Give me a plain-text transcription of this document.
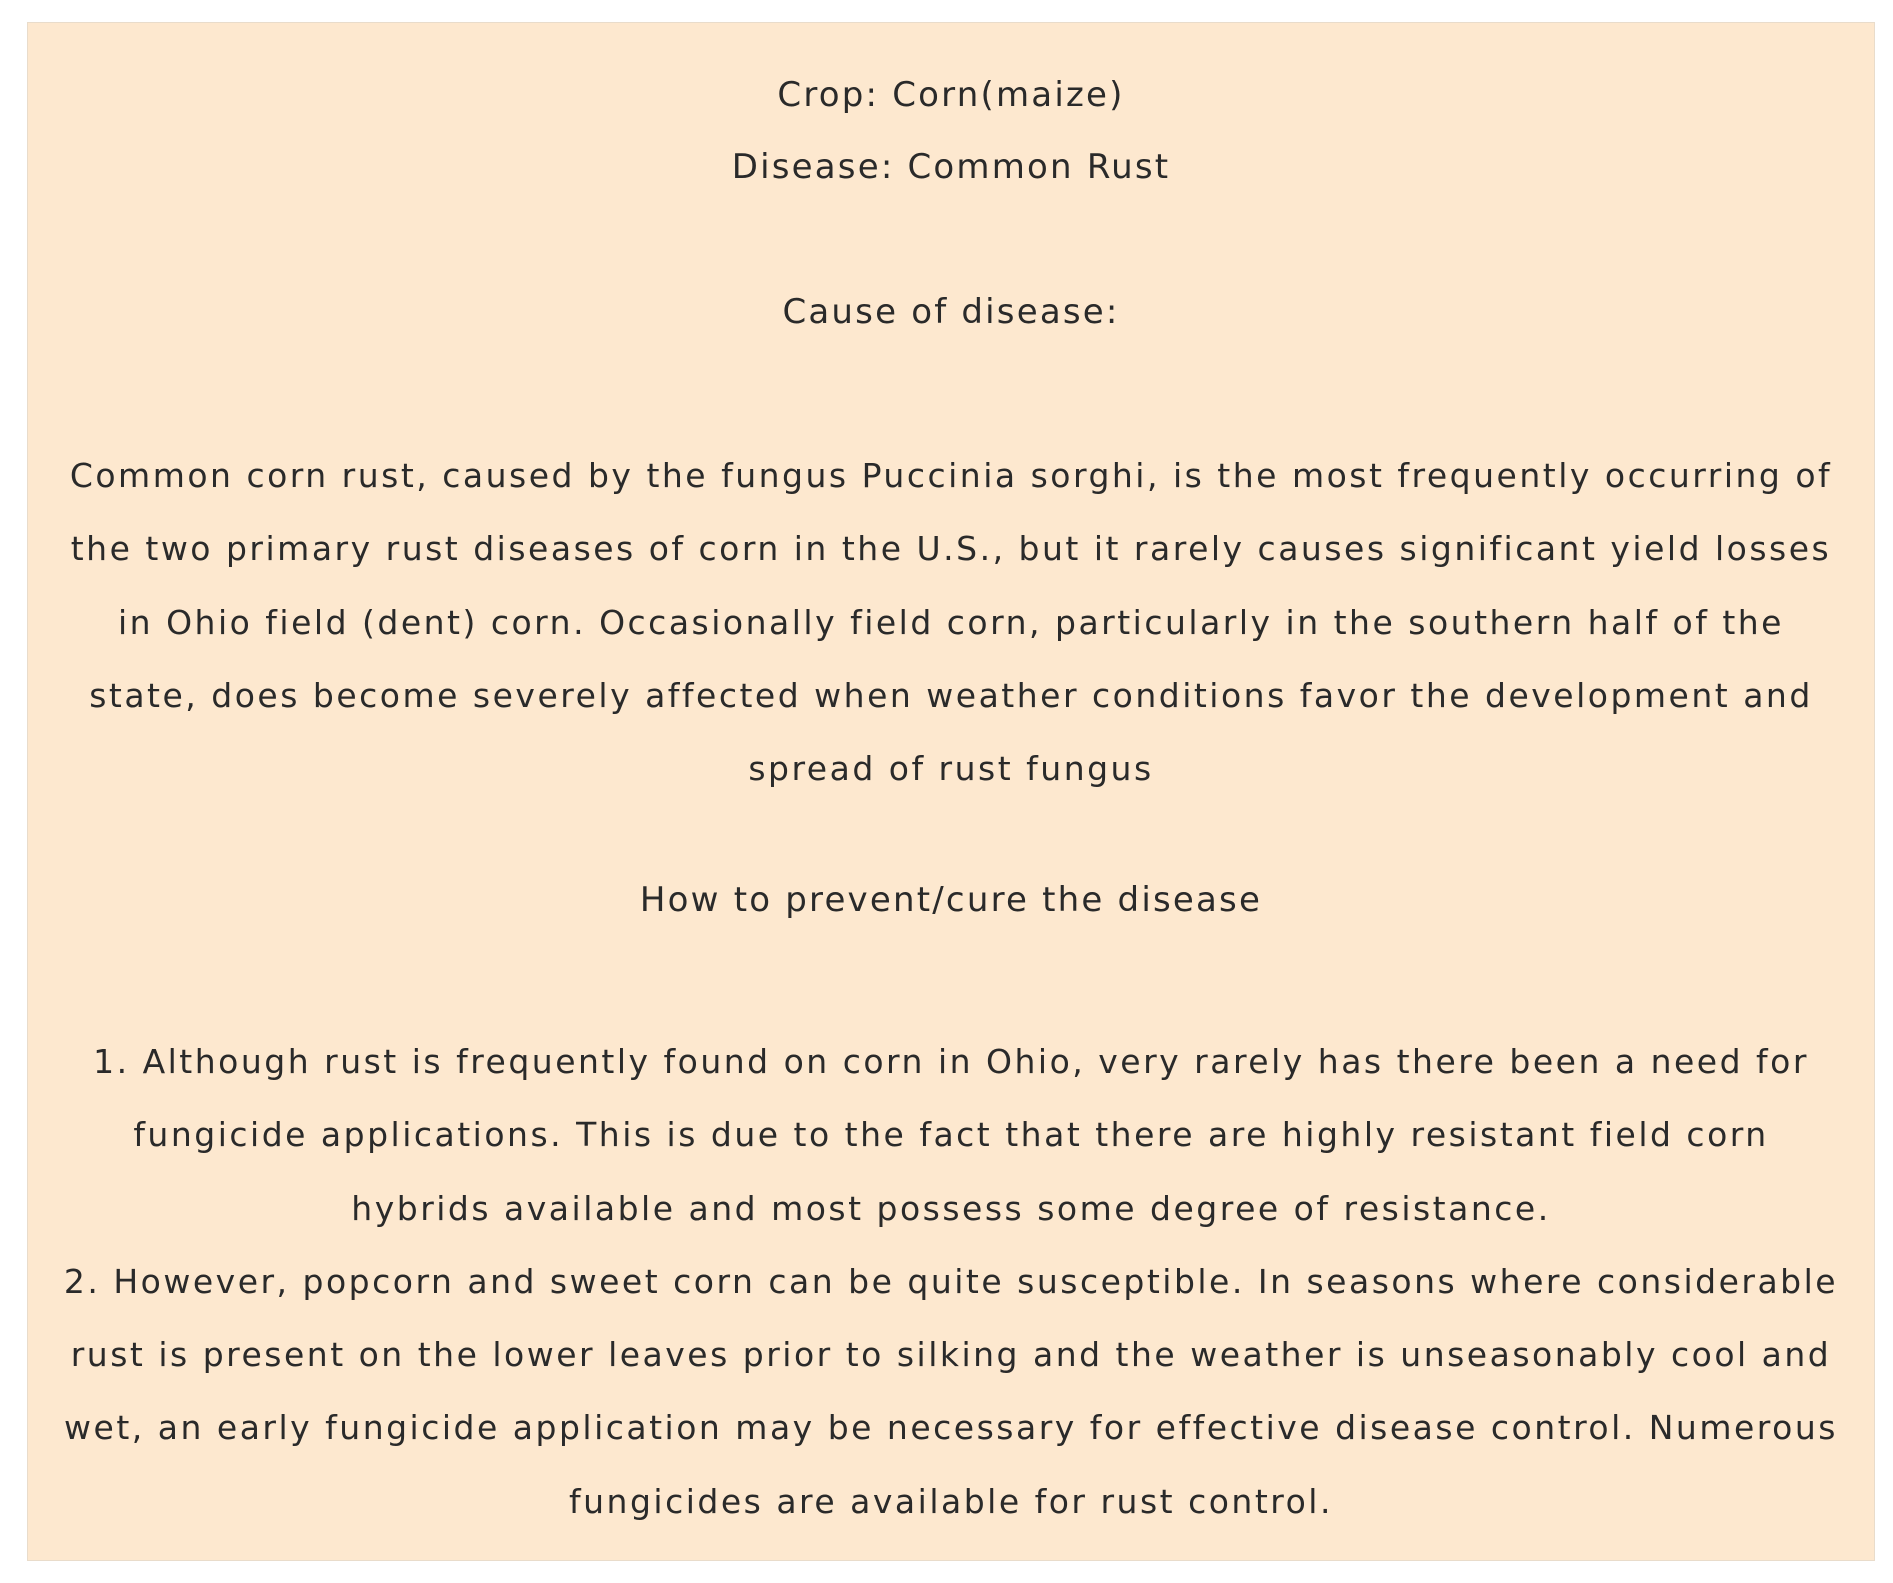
Crop: Corn(maize)

Disease: Common Rust

Cause of disease:

Common corn rust, caused by the fungus Puccinia sorghi, is the most frequently occurring of the two primary rust diseases of corn in the U.S., but it rarely causes significant yield losses in Ohio field (dent) corn. Occasionally field corn, particularly in the southern half of the state, does become severely affected when weather conditions favor the development and spread of rust fungus

How to prevent/cure the disease

1. Although rust is frequently found on corn in Ohio, very rarely has there been a need for fungicide applications. This is due to the fact that there are highly resistant field corn hybrids available and most possess some degree of resistance.
2. However, popcorn and sweet corn can be quite susceptible. In seasons where considerable rust is present on the lower leaves prior to silking and the weather is unseasonably cool and wet, an early fungicide application may be necessary for effective disease control. Numerous fungicides are available for rust control.
